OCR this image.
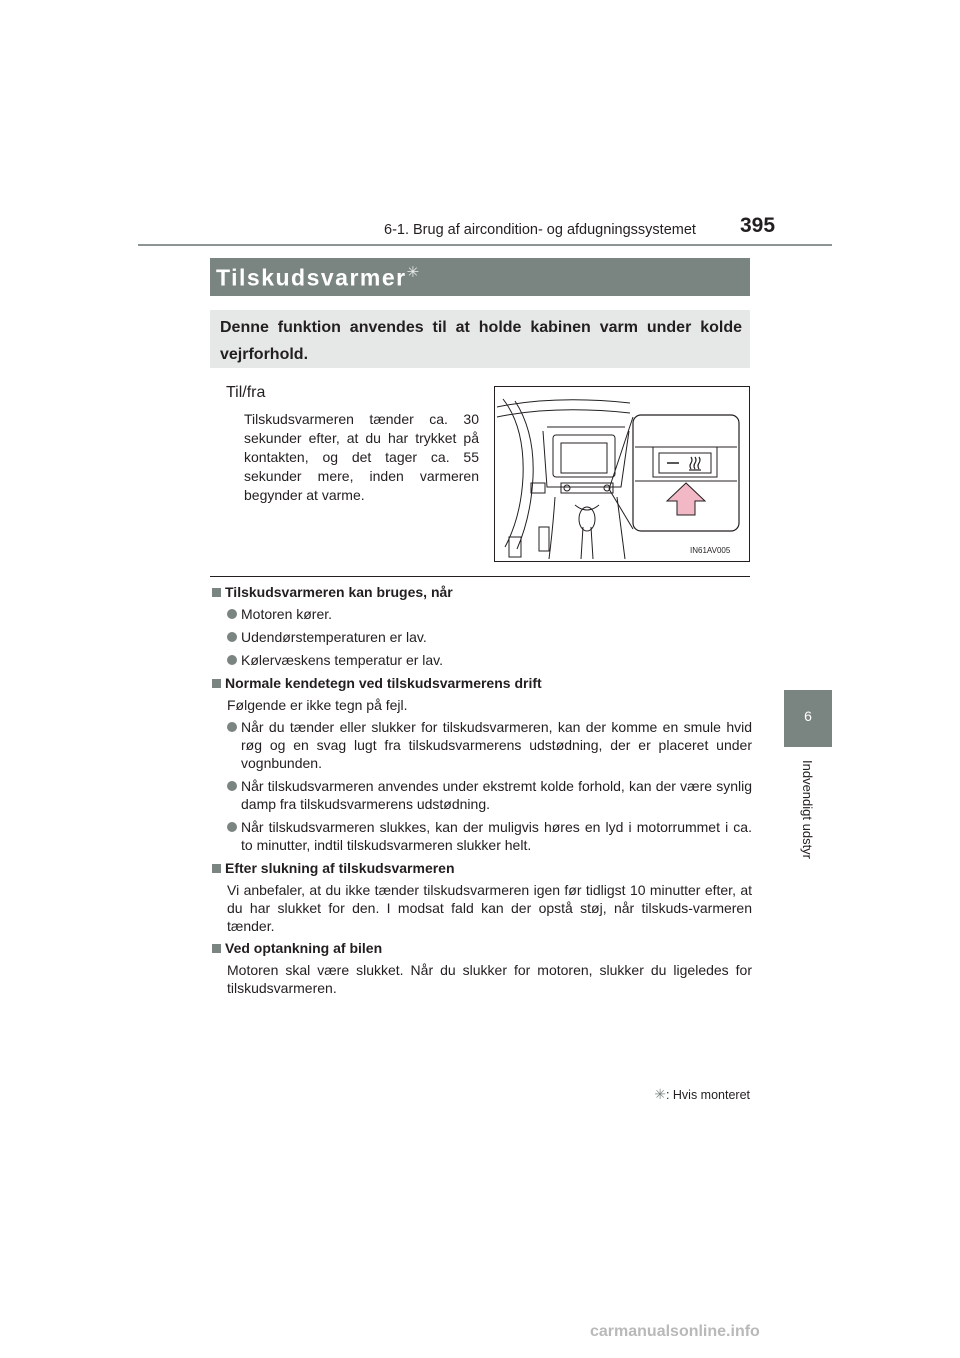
6-1. Brug af aircondition- og afdugningssystemet 395
6
Indvendigt udstyr
Tilskudsvarmer✳
Denne funktion anvendes til at holde kabinen varm under kolde vejrforhold.
Til/fra
Tilskudsvarmeren tænder ca. 30 sekunder efter, at du har trykket på kontakten, og det tager ca. 55 sekunder mere, inden varmeren begynder at varme.
IN61AV005
Tilskudsvarmeren kan bruges, når
Motoren kører.
Udendørstemperaturen er lav.
Kølervæskens temperatur er lav.
Normale kendetegn ved tilskudsvarmerens drift
Følgende er ikke tegn på fejl.
Når du tænder eller slukker for tilskudsvarmeren, kan der komme en smule hvid røg og en svag lugt fra tilskudsvarmerens udstødning, der er placeret under vognbunden.
Når tilskudsvarmeren anvendes under ekstremt kolde forhold, kan der være synlig damp fra tilskudsvarmerens udstødning.
Når tilskudsvarmeren slukkes, kan der muligvis høres en lyd i motorrummet i ca. to minutter, indtil tilskudsvarmeren slukker helt.
Efter slukning af tilskudsvarmeren
Vi anbefaler, at du ikke tænder tilskudsvarmeren igen før tidligst 10 minutter efter, at du har slukket for den. I modsat fald kan der opstå støj, når tilskuds-varmeren tænder.
Ved optankning af bilen
Motoren skal være slukket. Når du slukker for motoren, slukker du ligeledes for tilskudsvarmeren.
✳: Hvis monteret
carmanualsonline.info
